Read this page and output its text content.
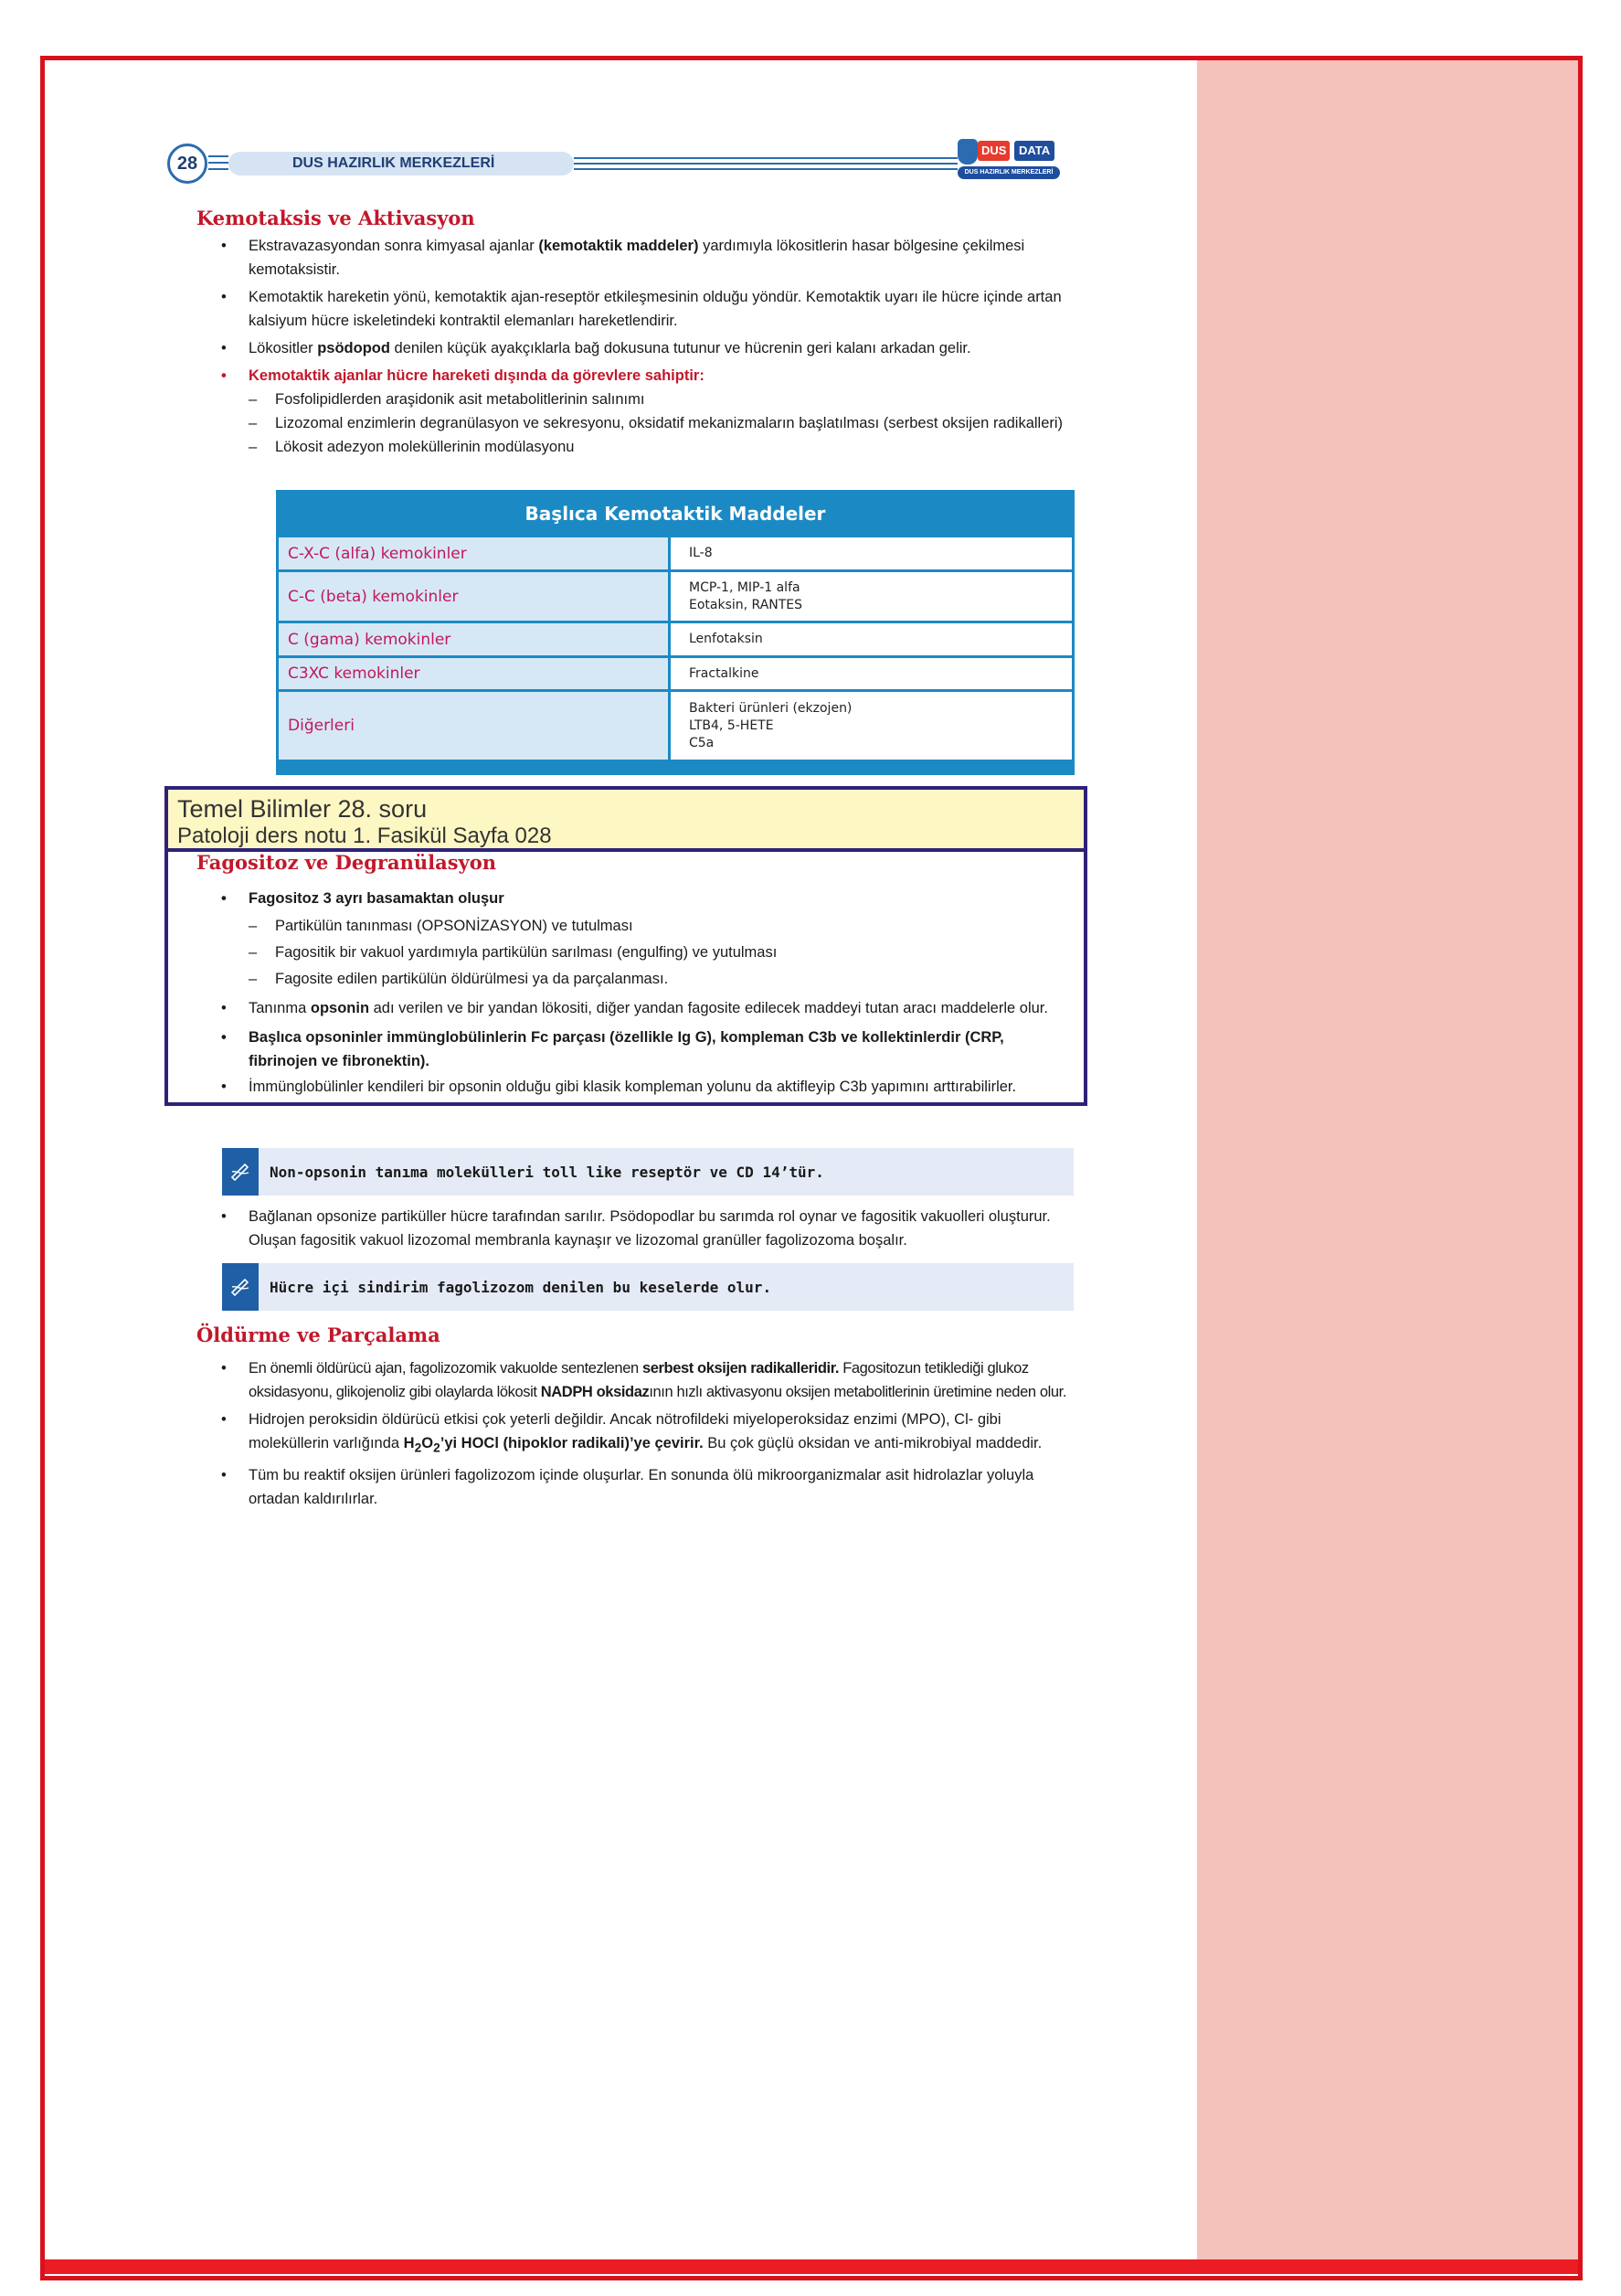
28	DUS HAZIRLIK MERKEZLERİ
DUS	DATA
DUS HAZIRLIK MERKEZLERİ
Kemotaksis ve Aktivasyon
• Ekstravazasyondan sonra kimyasal ajanlar (kemotaktik maddeler) yardımıyla lökositlerin hasar bölgesine çekilmesi kemotaksistir.
• Kemotaktik hareketin yönü, kemotaktik ajan-reseptör etkileşmesinin olduğu yöndür. Kemotaktik uyarı ile hücre içinde artan kalsiyum hücre iskeletindeki kontraktil elemanları hareketlendirir.
• Lökositler psödopod denilen küçük ayakçıklarla bağ dokusuna tutunur ve hücrenin geri kalanı arkadan gelir.
• Kemotaktik ajanlar hücre hareketi dışında da görevlere sahiptir:
– Fosfolipidlerden araşidonik asit metabolitlerinin salınımı
– Lizozomal enzimlerin degranülasyon ve sekresyonu, oksidatif mekanizmaların başlatılması (serbest oksijen radikalleri)
– Lökosit adezyon moleküllerinin modülasyonu
Başlıca Kemotaktik Maddeler
C-X-C (alfa) kemokinler	IL-8
C-C (beta) kemokinler	MCP-1, MIP-1 alfa
Eotaksin, RANTES
C (gama) kemokinler	Lenfotaksin
C3XC kemokinler	Fractalkine
Diğerleri
Bakteri ürünleri (ekzojen)
LTB4, 5-HETE
C5a
Temel Bilimler 28. soru
Patoloji ders notu 1. Fasikül Sayfa 028
Fagositoz ve Degranülasyon
• Fagositoz 3 ayrı basamaktan oluşur
– Partikülün tanınması (OPSONİZASYON) ve tutulması
– Fagositik bir vakuol yardımıyla partikülün sarılması (engulfing) ve yutulması
– Fagosite edilen partikülün öldürülmesi ya da parçalanması.
• Tanınma opsonin adı verilen ve bir yandan lökositi, diğer yandan fagosite edilecek maddeyi tutan aracı maddelerle olur.
• Başlıca opsoninler immünglobülinlerin Fc parçası (özellikle Ig G), kompleman C3b ve kollektinlerdir (CRP, fibrinojen ve fibronektin).
• İmmünglobülinler kendileri bir opsonin olduğu gibi klasik kompleman yolunu da aktifleyip C3b yapımını arttırabilirler.
Non-opsonin tanıma molekülleri toll like reseptör ve CD 14’tür.
• Bağlanan opsonize partiküller hücre tarafından sarılır. Psödopodlar bu sarımda rol oynar ve fagositik vakuolleri oluşturur. Oluşan fagositik vakuol lizozomal membranla kaynaşır ve lizozomal granüller fagolizozoma boşalır.
Hücre içi sindirim fagolizozom denilen bu keselerde olur.
Öldürme ve Parçalama
• En önemli öldürücü ajan, fagolizozomik vakuolde sentezlenen serbest oksijen radikalleridir. Fagositozun tetiklediği glukoz oksidasyonu, glikojenoliz gibi olaylarda lökosit NADPH oksidazının hızlı aktivasyonu oksijen metabolitlerinin üretimine neden olur.
• Hidrojen peroksidin öldürücü etkisi çok yeterli değildir. Ancak nötrofildeki miyeloperoksidaz enzimi (MPO), Cl- gibi moleküllerin varlığında $H_2O_2’yi$ HOCl (hipoklor radikali)’ye çevirir. Bu çok güçlü oksidan ve anti-mikrobiyal maddedir.
• Tüm bu reaktif oksijen ürünleri fagolizozom içinde oluşurlar. En sonunda ölü mikroorganizmalar asit hidrolazlar yoluyla ortadan kaldırılırlar.
